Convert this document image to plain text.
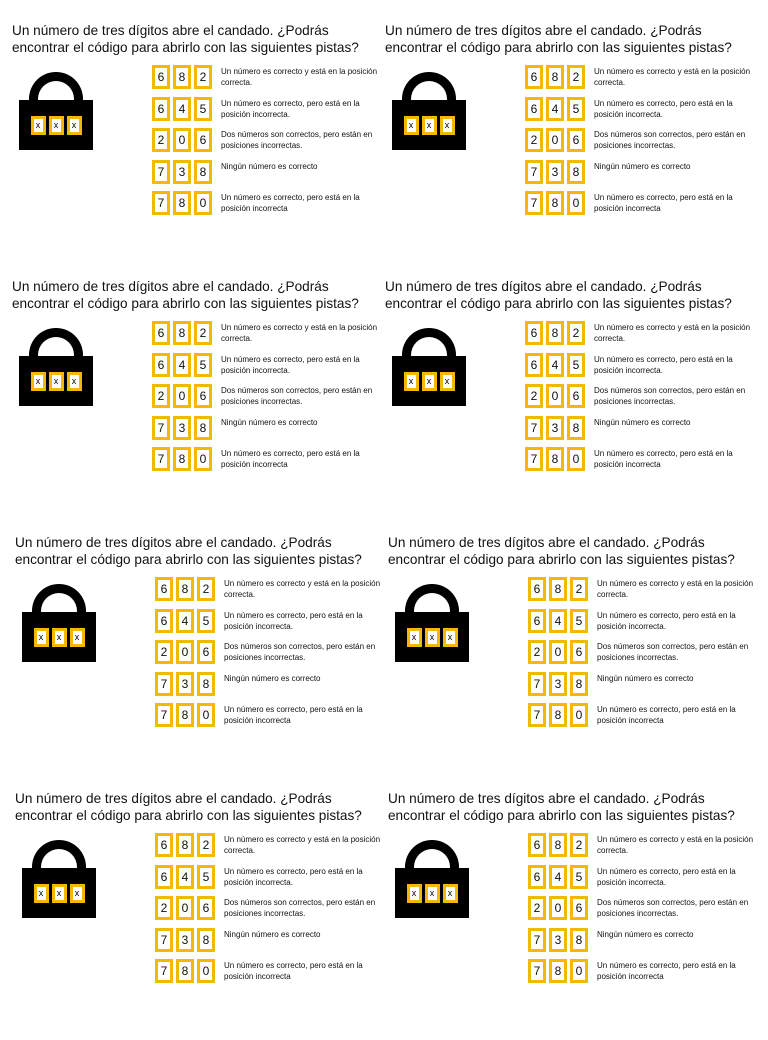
Un número de tres dígitos abre el candado. ¿Podrás encontrar el código para abrirlo con las siguientes pistas?
x	x	x
6	8	2	Un número es correcto y está en la posición correcta.
6	4	5	Un número es correcto, pero está en la posición incorrecta.
2	0	6	Dos números son correctos, pero están en posiciones incorrectas.
7	3	8	Ningún número es correcto
7	8	0	Un número es correcto, pero está en la posición incorrecta
Un número de tres dígitos abre el candado. ¿Podrás encontrar el código para abrirlo con las siguientes pistas?
x	x	x
6	8	2	Un número es correcto y está en la posición correcta.
6	4	5	Un número es correcto, pero está en la posición incorrecta.
2	0	6	Dos números son correctos, pero están en posiciones incorrectas.
7	3	8	Ningún número es correcto
7	8	0	Un número es correcto, pero está en la posición incorrecta
Un número de tres dígitos abre el candado. ¿Podrás encontrar el código para abrirlo con las siguientes pistas?
x	x	x
6	8	2	Un número es correcto y está en la posición correcta.
6	4	5	Un número es correcto, pero está en la posición incorrecta.
2	0	6	Dos números son correctos, pero están en posiciones incorrectas.
7	3	8	Ningún número es correcto
7	8	0	Un número es correcto, pero está en la posición incorrecta
Un número de tres dígitos abre el candado. ¿Podrás encontrar el código para abrirlo con las siguientes pistas?
x	x	x
6	8	2	Un número es correcto y está en la posición correcta.
6	4	5	Un número es correcto, pero está en la posición incorrecta.
2	0	6	Dos números son correctos, pero están en posiciones incorrectas.
7	3	8	Ningún número es correcto
7	8	0	Un número es correcto, pero está en la posición incorrecta
Un número de tres dígitos abre el candado. ¿Podrás encontrar el código para abrirlo con las siguientes pistas?
x	x	x
6	8	2	Un número es correcto y está en la posición correcta.
6	4	5	Un número es correcto, pero está en la posición incorrecta.
2	0	6	Dos números son correctos, pero están en posiciones incorrectas.
7	3	8	Ningún número es correcto
7	8	0	Un número es correcto, pero está en la posición incorrecta
Un número de tres dígitos abre el candado. ¿Podrás encontrar el código para abrirlo con las siguientes pistas?
x	x	x
6	8	2	Un número es correcto y está en la posición correcta.
6	4	5	Un número es correcto, pero está en la posición incorrecta.
2	0	6	Dos números son correctos, pero están en posiciones incorrectas.
7	3	8	Ningún número es correcto
7	8	0	Un número es correcto, pero está en la posición incorrecta
Un número de tres dígitos abre el candado. ¿Podrás encontrar el código para abrirlo con las siguientes pistas?
x	x	x
6	8	2	Un número es correcto y está en la posición correcta.
6	4	5	Un número es correcto, pero está en la posición incorrecta.
2	0	6	Dos números son correctos, pero están en posiciones incorrectas.
7	3	8	Ningún número es correcto
7	8	0	Un número es correcto, pero está en la posición incorrecta
Un número de tres dígitos abre el candado. ¿Podrás encontrar el código para abrirlo con las siguientes pistas?
x	x	x
6	8	2	Un número es correcto y está en la posición correcta.
6	4	5	Un número es correcto, pero está en la posición incorrecta.
2	0	6	Dos números son correctos, pero están en posiciones incorrectas.
7	3	8	Ningún número es correcto
7	8	0	Un número es correcto, pero está en la posición incorrecta
